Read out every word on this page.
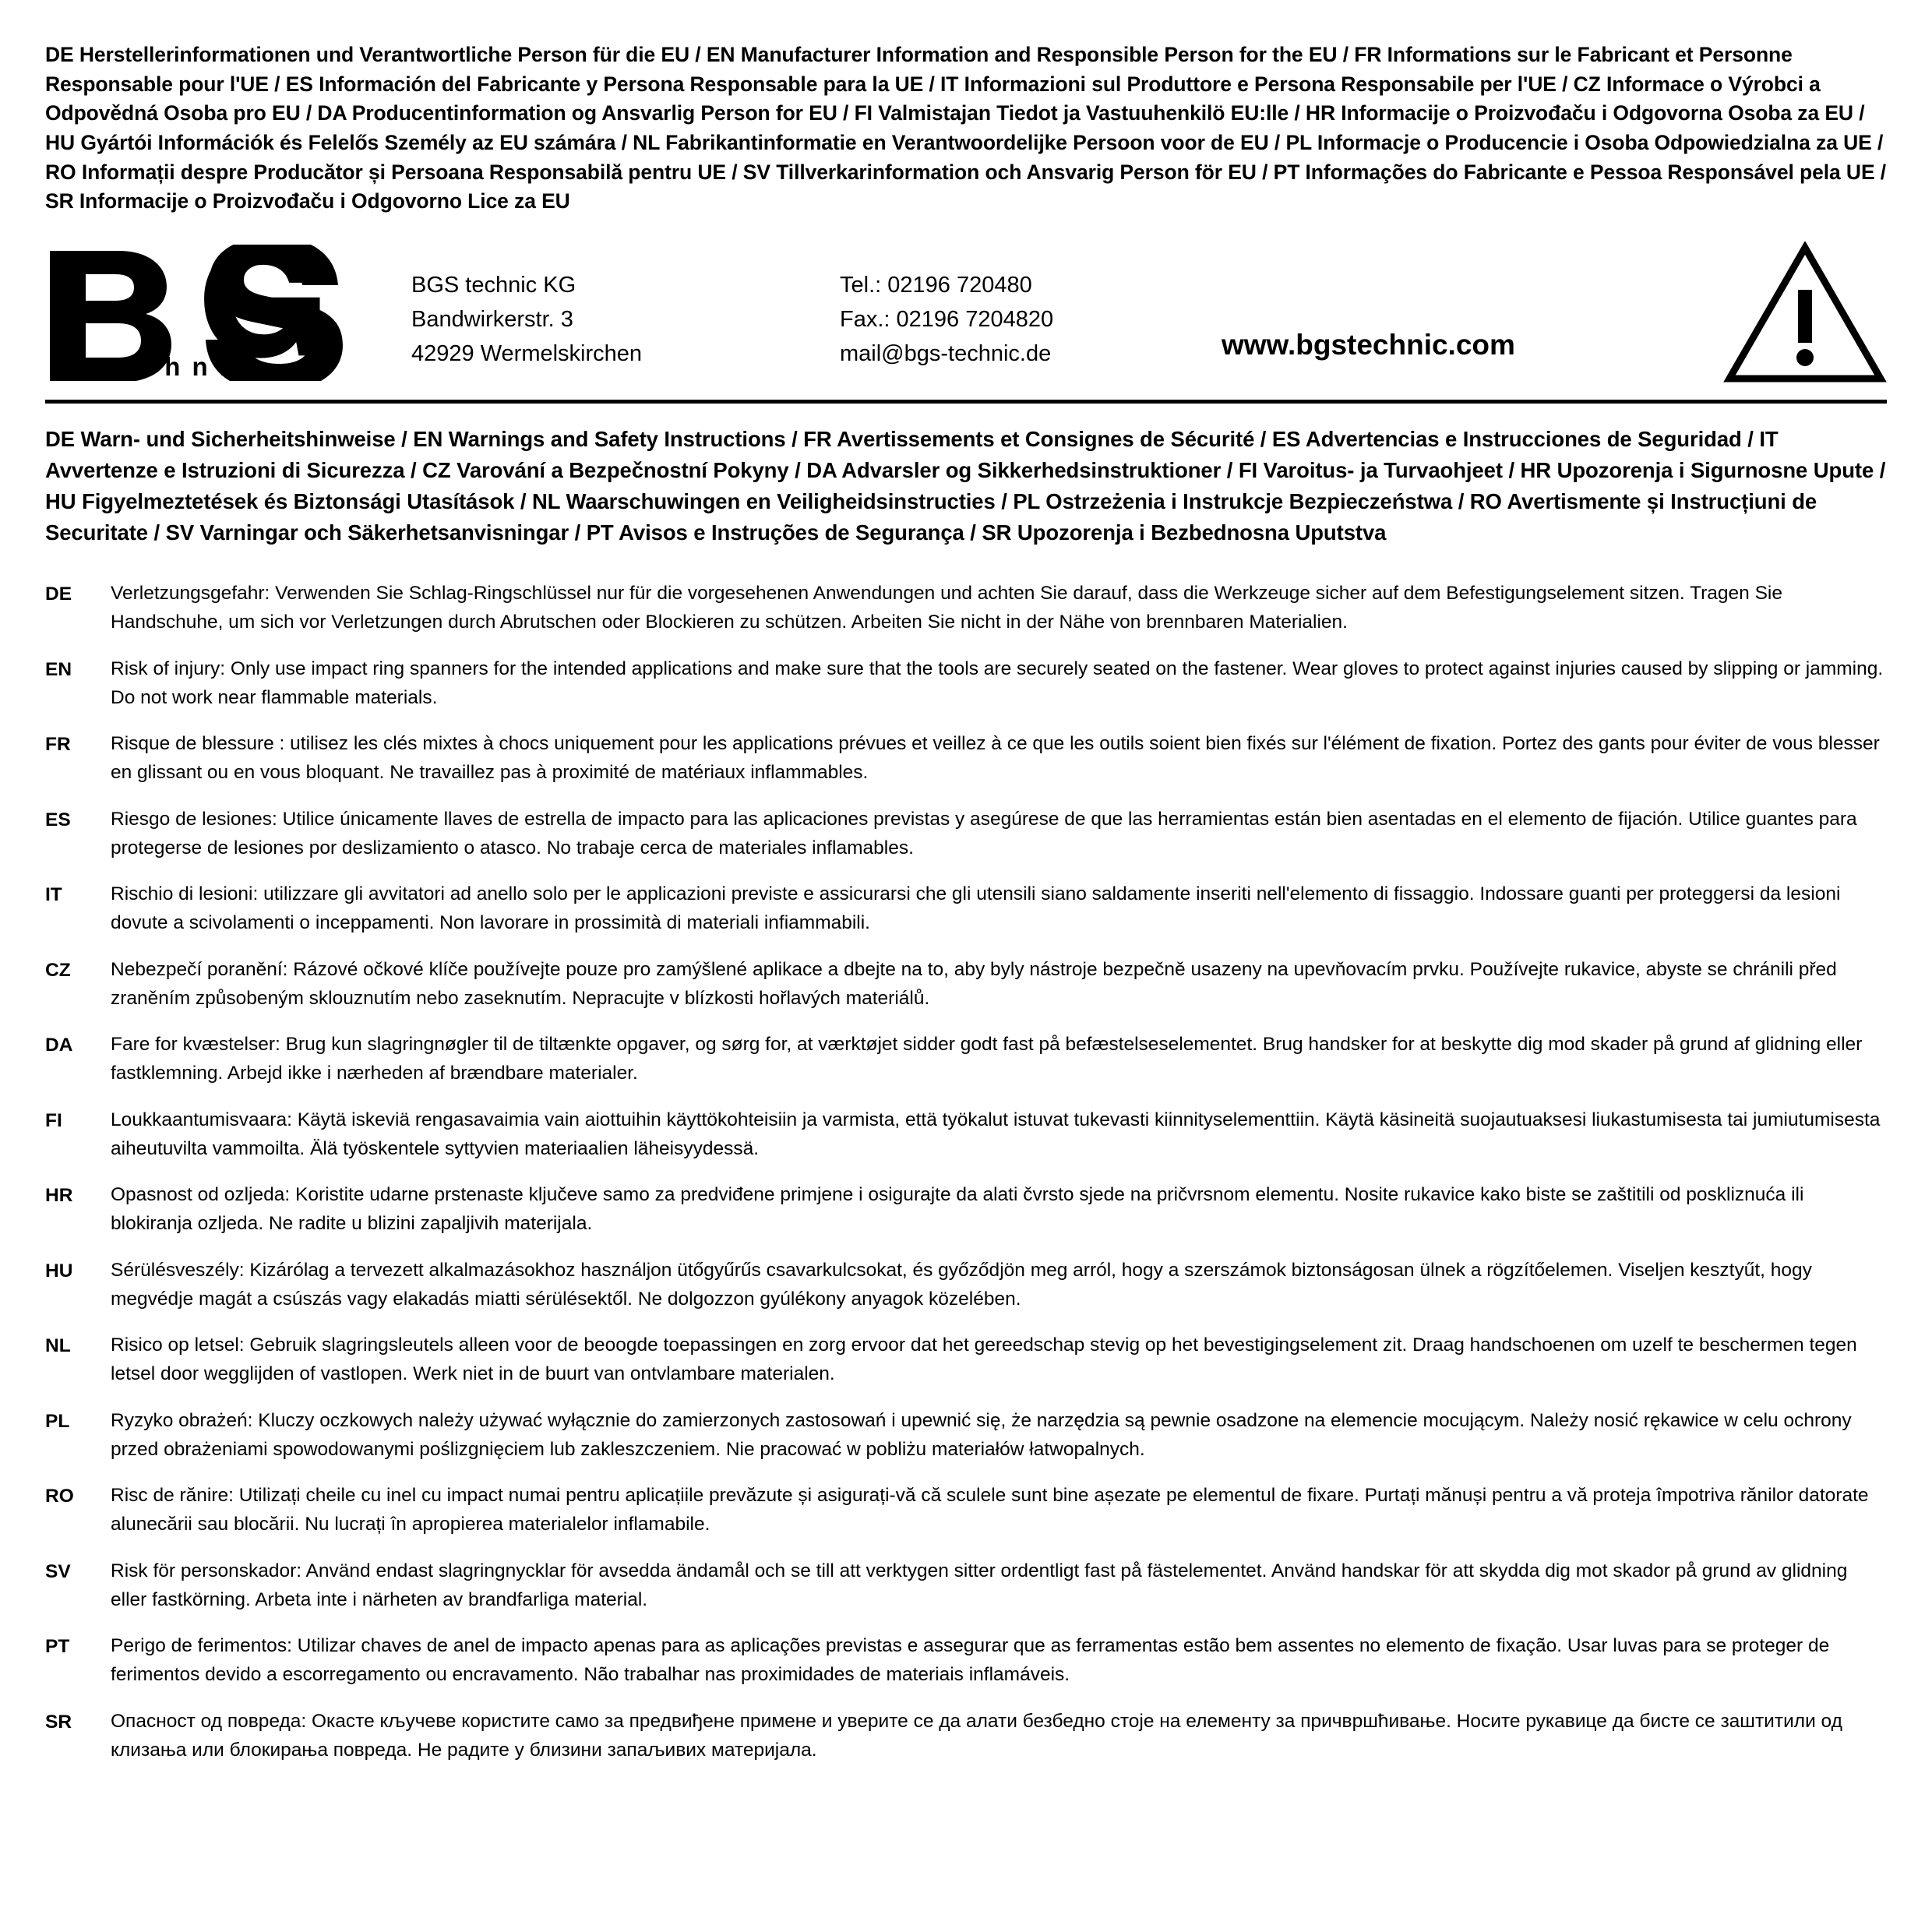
DE Herstellerinformationen und Verantwortliche Person für die EU / EN Manufacturer Information and Responsible Person for the EU / FR Informations sur le Fabricant et Personne Responsable pour l'UE / ES Información del Fabricante y Persona Responsable para la UE / IT Informazioni sul Produttore e Persona Responsabile per l'UE / CZ Informace o Výrobci a Odpovědná Osoba pro EU / DA Producentinformation og Ansvarlig Person for EU / FI Valmistajan Tiedot ja Vastuuhenkilö EU:lle / HR Informacije o Proizvođaču i Odgovorna Osoba za EU / HU Gyártói Információk és Felelős Személy az EU számára / NL Fabrikantinformatie en Verantwoordelijke Persoon voor de EU / PL Informacje o Producencie i Osoba Odpowiedzialna za UE / RO Informații despre Producător și Persoana Responsabilă pentru UE / SV Tillverkarinformation och Ansvarig Person för EU / PT Informações do Fabricante e Pessoa Responsável pela UE / SR Informacije o Proizvođaču i Odgovorno Lice za EU
®
t e c h n i c
BGS technic KG
Bandwirkerstr. 3
42929 Wermelskirchen
Tel.: 02196 720480
Fax.: 02196 7204820
mail@bgs-technic.de	www.bgstechnic.com
DE Warn- und Sicherheitshinweise / EN Warnings and Safety Instructions / FR Avertissements et Consignes de Sécurité / ES Advertencias e Instrucciones de Seguridad / IT Avvertenze e Istruzioni di Sicurezza / CZ Varování a Bezpečnostní Pokyny / DA Advarsler og Sikkerhedsinstruktioner / FI Varoitus- ja Turvaohjeet / HR Upozorenja i Sigurnosne Upute / HU Figyelmeztetések és Biztonsági Utasítások / NL Waarschuwingen en Veiligheidsinstructies / PL Ostrzeżenia i Instrukcje Bezpieczeństwa / RO Avertismente și Instrucțiuni de Securitate / SV Varningar och Säkerhetsanvisningar / PT Avisos e Instruções de Segurança / SR Upozorenja i Bezbednosna Uputstva
DE	Verletzungsgefahr: Verwenden Sie Schlag-Ringschlüssel nur für die vorgesehenen Anwendungen und achten Sie darauf, dass die Werkzeuge sicher auf dem Befestigungselement sitzen. Tragen Sie Handschuhe, um sich vor Verletzungen durch Abrutschen oder Blockieren zu schützen. Arbeiten Sie nicht in der Nähe von brennbaren Materialien.
EN	Risk of injury: Only use impact ring spanners for the intended applications and make sure that the tools are securely seated on the fastener. Wear gloves to protect against injuries caused by slipping or jamming. Do not work near flammable materials.
FR	Risque de blessure : utilisez les clés mixtes à chocs uniquement pour les applications prévues et veillez à ce que les outils soient bien fixés sur l'élément de fixation. Portez des gants pour éviter de vous blesser en glissant ou en vous bloquant. Ne travaillez pas à proximité de matériaux inflammables.
ES	Riesgo de lesiones: Utilice únicamente llaves de estrella de impacto para las aplicaciones previstas y asegúrese de que las herramientas están bien asentadas en el elemento de fijación. Utilice guantes para protegerse de lesiones por deslizamiento o atasco. No trabaje cerca de materiales inflamables.
IT	Rischio di lesioni: utilizzare gli avvitatori ad anello solo per le applicazioni previste e assicurarsi che gli utensili siano saldamente inseriti nell'elemento di fissaggio. Indossare guanti per proteggersi da lesioni dovute a scivolamenti o inceppamenti. Non lavorare in prossimità di materiali infiammabili.
CZ	Nebezpečí poranění: Rázové očkové klíče používejte pouze pro zamýšlené aplikace a dbejte na to, aby byly nástroje bezpečně usazeny na upevňovacím prvku. Používejte rukavice, abyste se chránili před zraněním způsobeným sklouznutím nebo zaseknutím. Nepracujte v blízkosti hořlavých materiálů.
DA	Fare for kvæstelser: Brug kun slagringnøgler til de tiltænkte opgaver, og sørg for, at værktøjet sidder godt fast på befæstelseselementet. Brug handsker for at beskytte dig mod skader på grund af glidning eller fastklemning. Arbejd ikke i nærheden af brændbare materialer.
FI	Loukkaantumisvaara: Käytä iskeviä rengasavaimia vain aiottuihin käyttökohteisiin ja varmista, että työkalut istuvat tukevasti kiinnityselementtiin. Käytä käsineitä suojautuaksesi liukastumisesta tai jumiutumisesta aiheutuvilta vammoilta. Älä työskentele syttyvien materiaalien läheisyydessä.
HR	Opasnost od ozljeda: Koristite udarne prstenaste ključeve samo za predviđene primjene i osigurajte da alati čvrsto sjede na pričvrsnom elementu. Nosite rukavice kako biste se zaštitili od poskliznuća ili blokiranja ozljeda. Ne radite u blizini zapaljivih materijala.
HU	Sérülésveszély: Kizárólag a tervezett alkalmazásokhoz használjon ütőgyűrűs csavarkulcsokat, és győződjön meg arról, hogy a szerszámok biztonságosan ülnek a rögzítőelemen. Viseljen kesztyűt, hogy megvédje magát a csúszás vagy elakadás miatti sérülésektől. Ne dolgozzon gyúlékony anyagok közelében.
NL	Risico op letsel: Gebruik slagringsleutels alleen voor de beoogde toepassingen en zorg ervoor dat het gereedschap stevig op het bevestigingselement zit. Draag handschoenen om uzelf te beschermen tegen letsel door wegglijden of vastlopen. Werk niet in de buurt van ontvlambare materialen.
PL	Ryzyko obrażeń: Kluczy oczkowych należy używać wyłącznie do zamierzonych zastosowań i upewnić się, że narzędzia są pewnie osadzone na elemencie mocującym. Należy nosić rękawice w celu ochrony przed obrażeniami spowodowanymi poślizgnięciem lub zakleszczeniem. Nie pracować w pobliżu materiałów łatwopalnych.
RO	Risc de rănire: Utilizați cheile cu inel cu impact numai pentru aplicațiile prevăzute și asigurați-vă că sculele sunt bine așezate pe elementul de fixare. Purtați mănuși pentru a vă proteja împotriva rănilor datorate alunecării sau blocării. Nu lucrați în apropierea materialelor inflamabile.
SV	Risk för personskador: Använd endast slagringnycklar för avsedda ändamål och se till att verktygen sitter ordentligt fast på fästelementet. Använd handskar för att skydda dig mot skador på grund av glidning eller fastkörning. Arbeta inte i närheten av brandfarliga material.
PT	Perigo de ferimentos: Utilizar chaves de anel de impacto apenas para as aplicações previstas e assegurar que as ferramentas estão bem assentes no elemento de fixação. Usar luvas para se proteger de ferimentos devido a escorregamento ou encravamento. Não trabalhar nas proximidades de materiais inflamáveis.
SR	Опасност од повреда: Окасте кључеве користите само за предвиђене примене и уверите се да алати безбедно стоје на елементу за причвршћивање. Носите рукавице да бисте се заштитили од клизања или блокирања повреда. Не радите у близини запаљивих материјала.
